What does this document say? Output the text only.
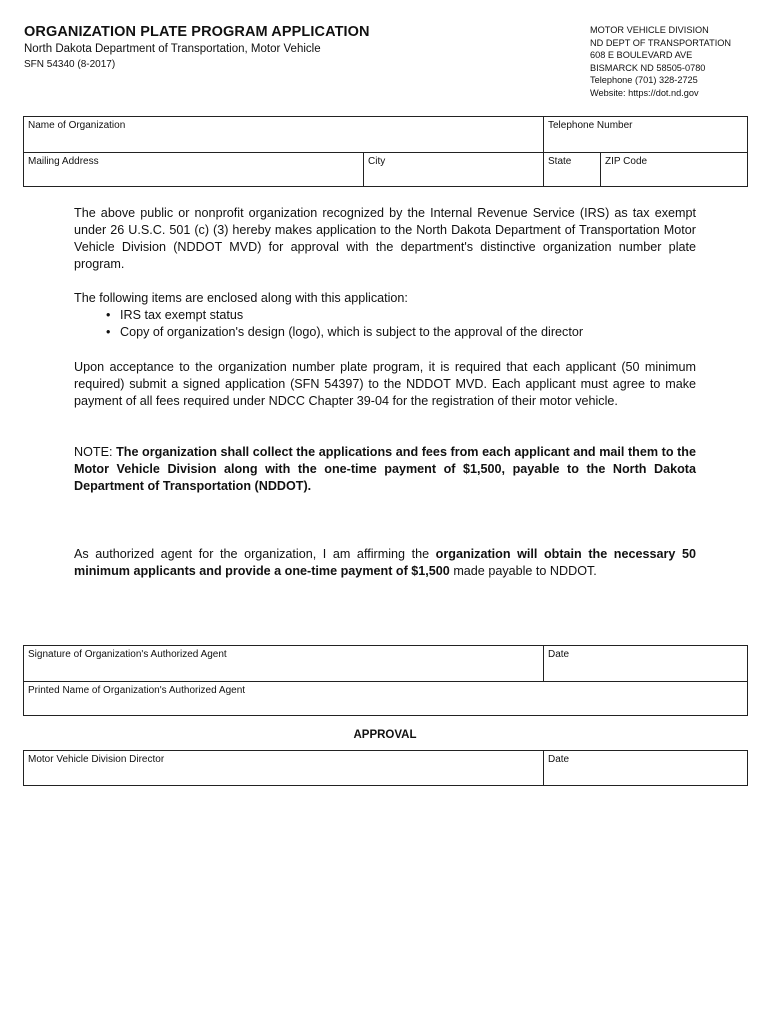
ORGANIZATION PLATE PROGRAM APPLICATION
North Dakota Department of Transportation, Motor Vehicle
SFN 54340 (8-2017)
MOTOR VEHICLE DIVISION
ND DEPT OF TRANSPORTATION
608 E BOULEVARD AVE
BISMARCK ND 58505-0780
Telephone (701) 328-2725
Website: https://dot.nd.gov
Name of Organization	Telephone Number
Mailing Address	City	State	ZIP Code

The above public or nonprofit organization recognized by the Internal Revenue Service (IRS) as tax exempt under 26 U.S.C. 501 (c) (3) hereby makes application to the North Dakota Department of Transportation Motor Vehicle Division (NDDOT MVD) for approval with the department's distinctive organization number plate program.

The following items are enclosed along with this application:

• IRS tax exempt status
• Copy of organization's design (logo), which is subject to the approval of the director

Upon acceptance to the organization number plate program, it is required that each applicant (50 minimum required) submit a signed application (SFN 54397) to the NDDOT MVD. Each applicant must agree to make payment of all fees required under NDCC Chapter 39-04 for the registration of their motor vehicle.

NOTE: The organization shall collect the applications and fees from each applicant and mail them to the Motor Vehicle Division along with the one-time payment of $1,500, payable to the North Dakota Department of Transportation (NDDOT).

As authorized agent for the organization, I am affirming the organization will obtain the necessary 50 minimum applicants and provide a one-time payment of $1,500 made payable to NDDOT.

Signature of Organization's Authorized Agent	Date
Printed Name of Organization's Authorized Agent
APPROVAL
Motor Vehicle Division Director	Date
